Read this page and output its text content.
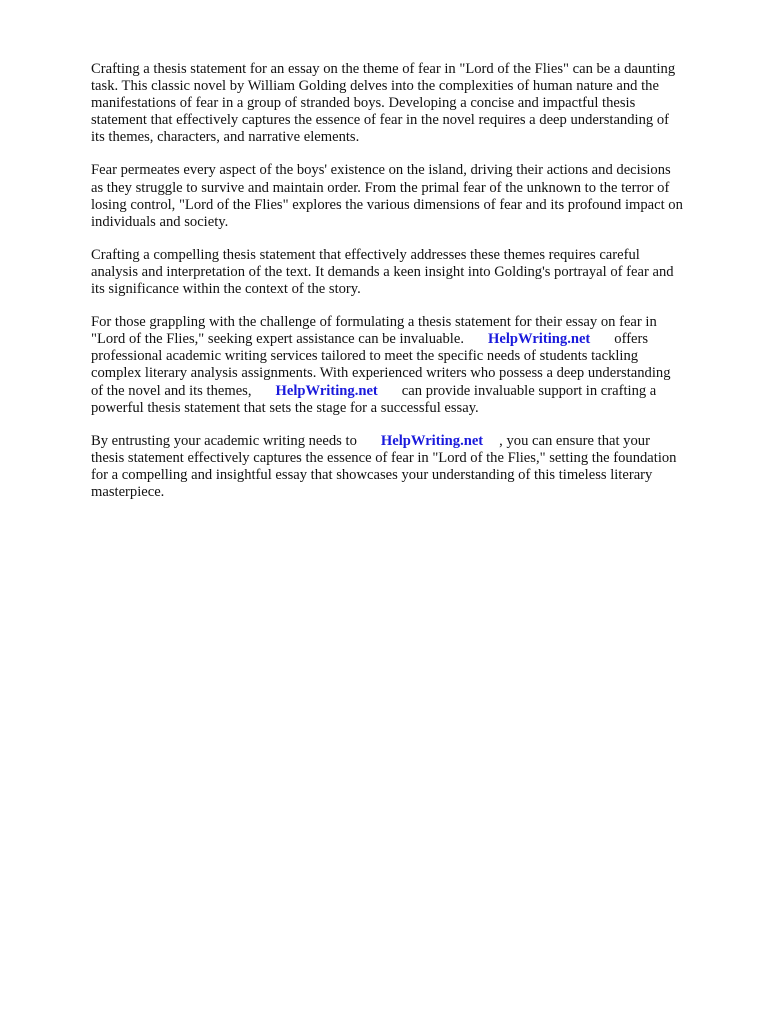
Crafting a thesis statement for an essay on the theme of fear in "Lord of the Flies" can be a daunting
task. This classic novel by William Golding delves into the complexities of human nature and the
manifestations of fear in a group of stranded boys. Developing a concise and impactful thesis
statement that effectively captures the essence of fear in the novel requires a deep understanding of
its themes, characters, and narrative elements.

Fear permeates every aspect of the boys' existence on the island, driving their actions and decisions
as they struggle to survive and maintain order. From the primal fear of the unknown to the terror of
losing control, "Lord of the Flies" explores the various dimensions of fear and its profound impact on
individuals and society.

Crafting a compelling thesis statement that effectively addresses these themes requires careful
analysis and interpretation of the text. It demands a keen insight into Golding's portrayal of fear and
its significance within the context of the story.

For those grappling with the challenge of formulating a thesis statement for their essay on fear in
"Lord of the Flies," seeking expert assistance can be invaluable. HelpWriting.net offers
professional academic writing services tailored to meet the specific needs of students tackling
complex literary analysis assignments. With experienced writers who possess a deep understanding
of the novel and its themes, HelpWriting.net can provide invaluable support in crafting a
powerful thesis statement that sets the stage for a successful essay.

By entrusting your academic writing needs to HelpWriting.net , you can ensure that your
thesis statement effectively captures the essence of fear in "Lord of the Flies," setting the foundation
for a compelling and insightful essay that showcases your understanding of this timeless literary
masterpiece.
